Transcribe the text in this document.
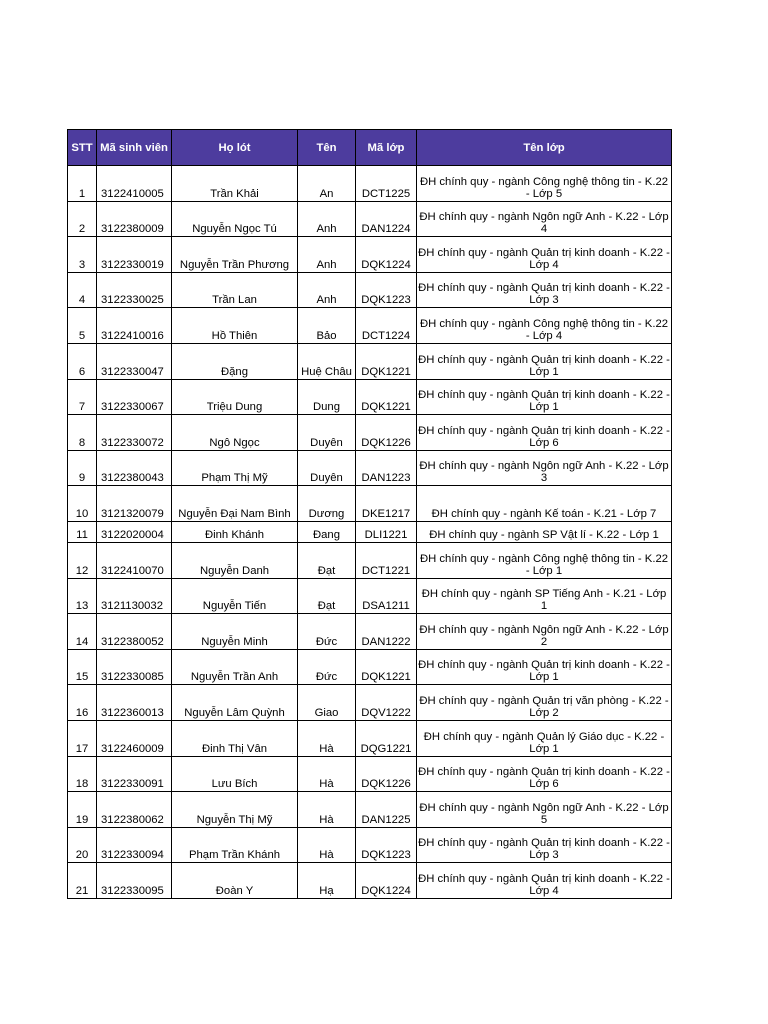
STT	Mã sinh viên	Họ lót	Tên	Mã lớp	Tên lớp
1	3122410005	Trần Khải	An	DCT1225	ĐH chính quy - ngành Công nghệ thông tin - K.22 - Lớp 5
2	3122380009	Nguyễn Ngọc Tú	Anh	DAN1224	ĐH chính quy - ngành Ngôn ngữ Anh - K.22 - Lớp 4
3	3122330019	Nguyễn Trần Phương	Anh	DQK1224	ĐH chính quy - ngành Quản trị kinh doanh - K.22 - Lớp 4
4	3122330025	Trần Lan	Anh	DQK1223	ĐH chính quy - ngành Quản trị kinh doanh - K.22 - Lớp 3
5	3122410016	Hồ Thiên	Bảo	DCT1224	ĐH chính quy - ngành Công nghệ thông tin - K.22 - Lớp 4
6	3122330047	Đặng	Huệ Châu	DQK1221	ĐH chính quy - ngành Quản trị kinh doanh - K.22 - Lớp 1
7	3122330067	Triệu Dung	Dung	DQK1221	ĐH chính quy - ngành Quản trị kinh doanh - K.22 - Lớp 1
8	3122330072	Ngô Ngọc	Duyên	DQK1226	ĐH chính quy - ngành Quản trị kinh doanh - K.22 - Lớp 6
9	3122380043	Phạm Thị Mỹ	Duyên	DAN1223	ĐH chính quy - ngành Ngôn ngữ Anh - K.22 - Lớp 3
10	3121320079	Nguyễn Đại Nam Bình	Dương	DKE1217	ĐH chính quy - ngành Kế toán - K.21 - Lớp 7
11	3122020004	Đinh Khánh	Đang	DLI1221	ĐH chính quy - ngành SP Vật lí - K.22 - Lớp 1
12	3122410070	Nguyễn Danh	Đạt	DCT1221	ĐH chính quy - ngành Công nghệ thông tin - K.22 - Lớp 1
13	3121130032	Nguyễn Tiến	Đạt	DSA1211	ĐH chính quy - ngành SP Tiếng Anh - K.21 - Lớp 1
14	3122380052	Nguyễn Minh	Đức	DAN1222	ĐH chính quy - ngành Ngôn ngữ Anh - K.22 - Lớp 2
15	3122330085	Nguyễn Trần Anh	Đức	DQK1221	ĐH chính quy - ngành Quản trị kinh doanh - K.22 - Lớp 1
16	3122360013	Nguyễn Lâm Quỳnh	Giao	DQV1222	ĐH chính quy - ngành Quản trị văn phòng - K.22 - Lớp 2
17	3122460009	Đinh Thị Vân	Hà	DQG1221	ĐH chính quy - ngành Quản lý Giáo dục - K.22 - Lớp 1
18	3122330091	Lưu Bích	Hà	DQK1226	ĐH chính quy - ngành Quản trị kinh doanh - K.22 - Lớp 6
19	3122380062	Nguyễn Thị Mỹ	Hà	DAN1225	ĐH chính quy - ngành Ngôn ngữ Anh - K.22 - Lớp 5
20	3122330094	Phạm Trần Khánh	Hà	DQK1223	ĐH chính quy - ngành Quản trị kinh doanh - K.22 - Lớp 3
21	3122330095	Đoàn Y	Hạ	DQK1224	ĐH chính quy - ngành Quản trị kinh doanh - K.22 - Lớp 4
